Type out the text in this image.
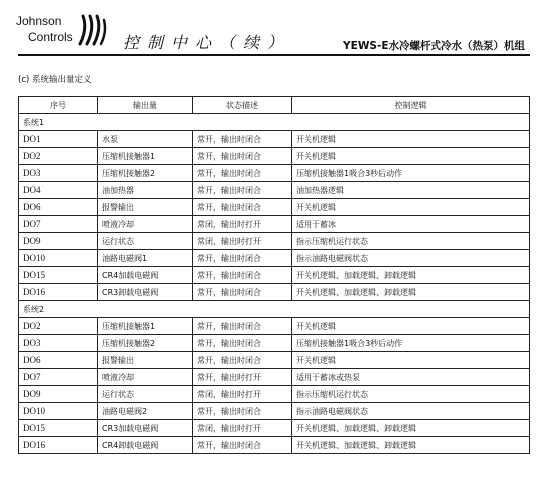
Johnson
Controls	控制中心（续）	YEWS-E水冷螺杆式冷水（热泵）机组
(c) 系统输出量定义
序号	输出量	状态描述	控制逻辑
系统1			
DO1	水泵	常开，输出时闭合	开关机逻辑
DO2	压缩机接触器1	常开，输出时闭合	开关机逻辑
DO3	压缩机接触器2	常开，输出时闭合	压缩机接触器1吸合3秒后动作
DO4	油加热器	常开，输出时闭合	油加热器逻辑
DO6	报警输出	常开，输出时闭合	开关机逻辑
DO7	喷液冷却	常闭，输出时打开	适用于蓄冰
DO9	运行状态	常闭，输出时打开	指示压缩机运行状态
DO10	油路电磁阀1	常开，输出时闭合	指示油路电磁阀状态
DO15	CR4加载电磁阀	常开，输出时闭合	开关机逻辑、加载逻辑、卸载逻辑
DO16	CR3卸载电磁阀	常开，输出时闭合	开关机逻辑、加载逻辑、卸载逻辑
系统2			
DO2	压缩机接触器1	常开，输出时闭合	开关机逻辑
DO3	压缩机接触器2	常开，输出时闭合	压缩机接触器1吸合3秒后动作
DO6	报警输出	常开，输出时闭合	开关机逻辑
DO7	喷液冷却	常开，输出时打开	适用于蓄冰或热泵
DO9	运行状态	常闭，输出时打开	指示压缩机运行状态
DO10	油路电磁阀2	常开，输出时闭合	指示油路电磁阀状态
DO15	CR3加载电磁阀	常闭，输出时打开	开关机逻辑、加载逻辑、卸载逻辑
DO16	CR4卸载电磁阀	常开，输出时闭合	开关机逻辑、加载逻辑、卸载逻辑
